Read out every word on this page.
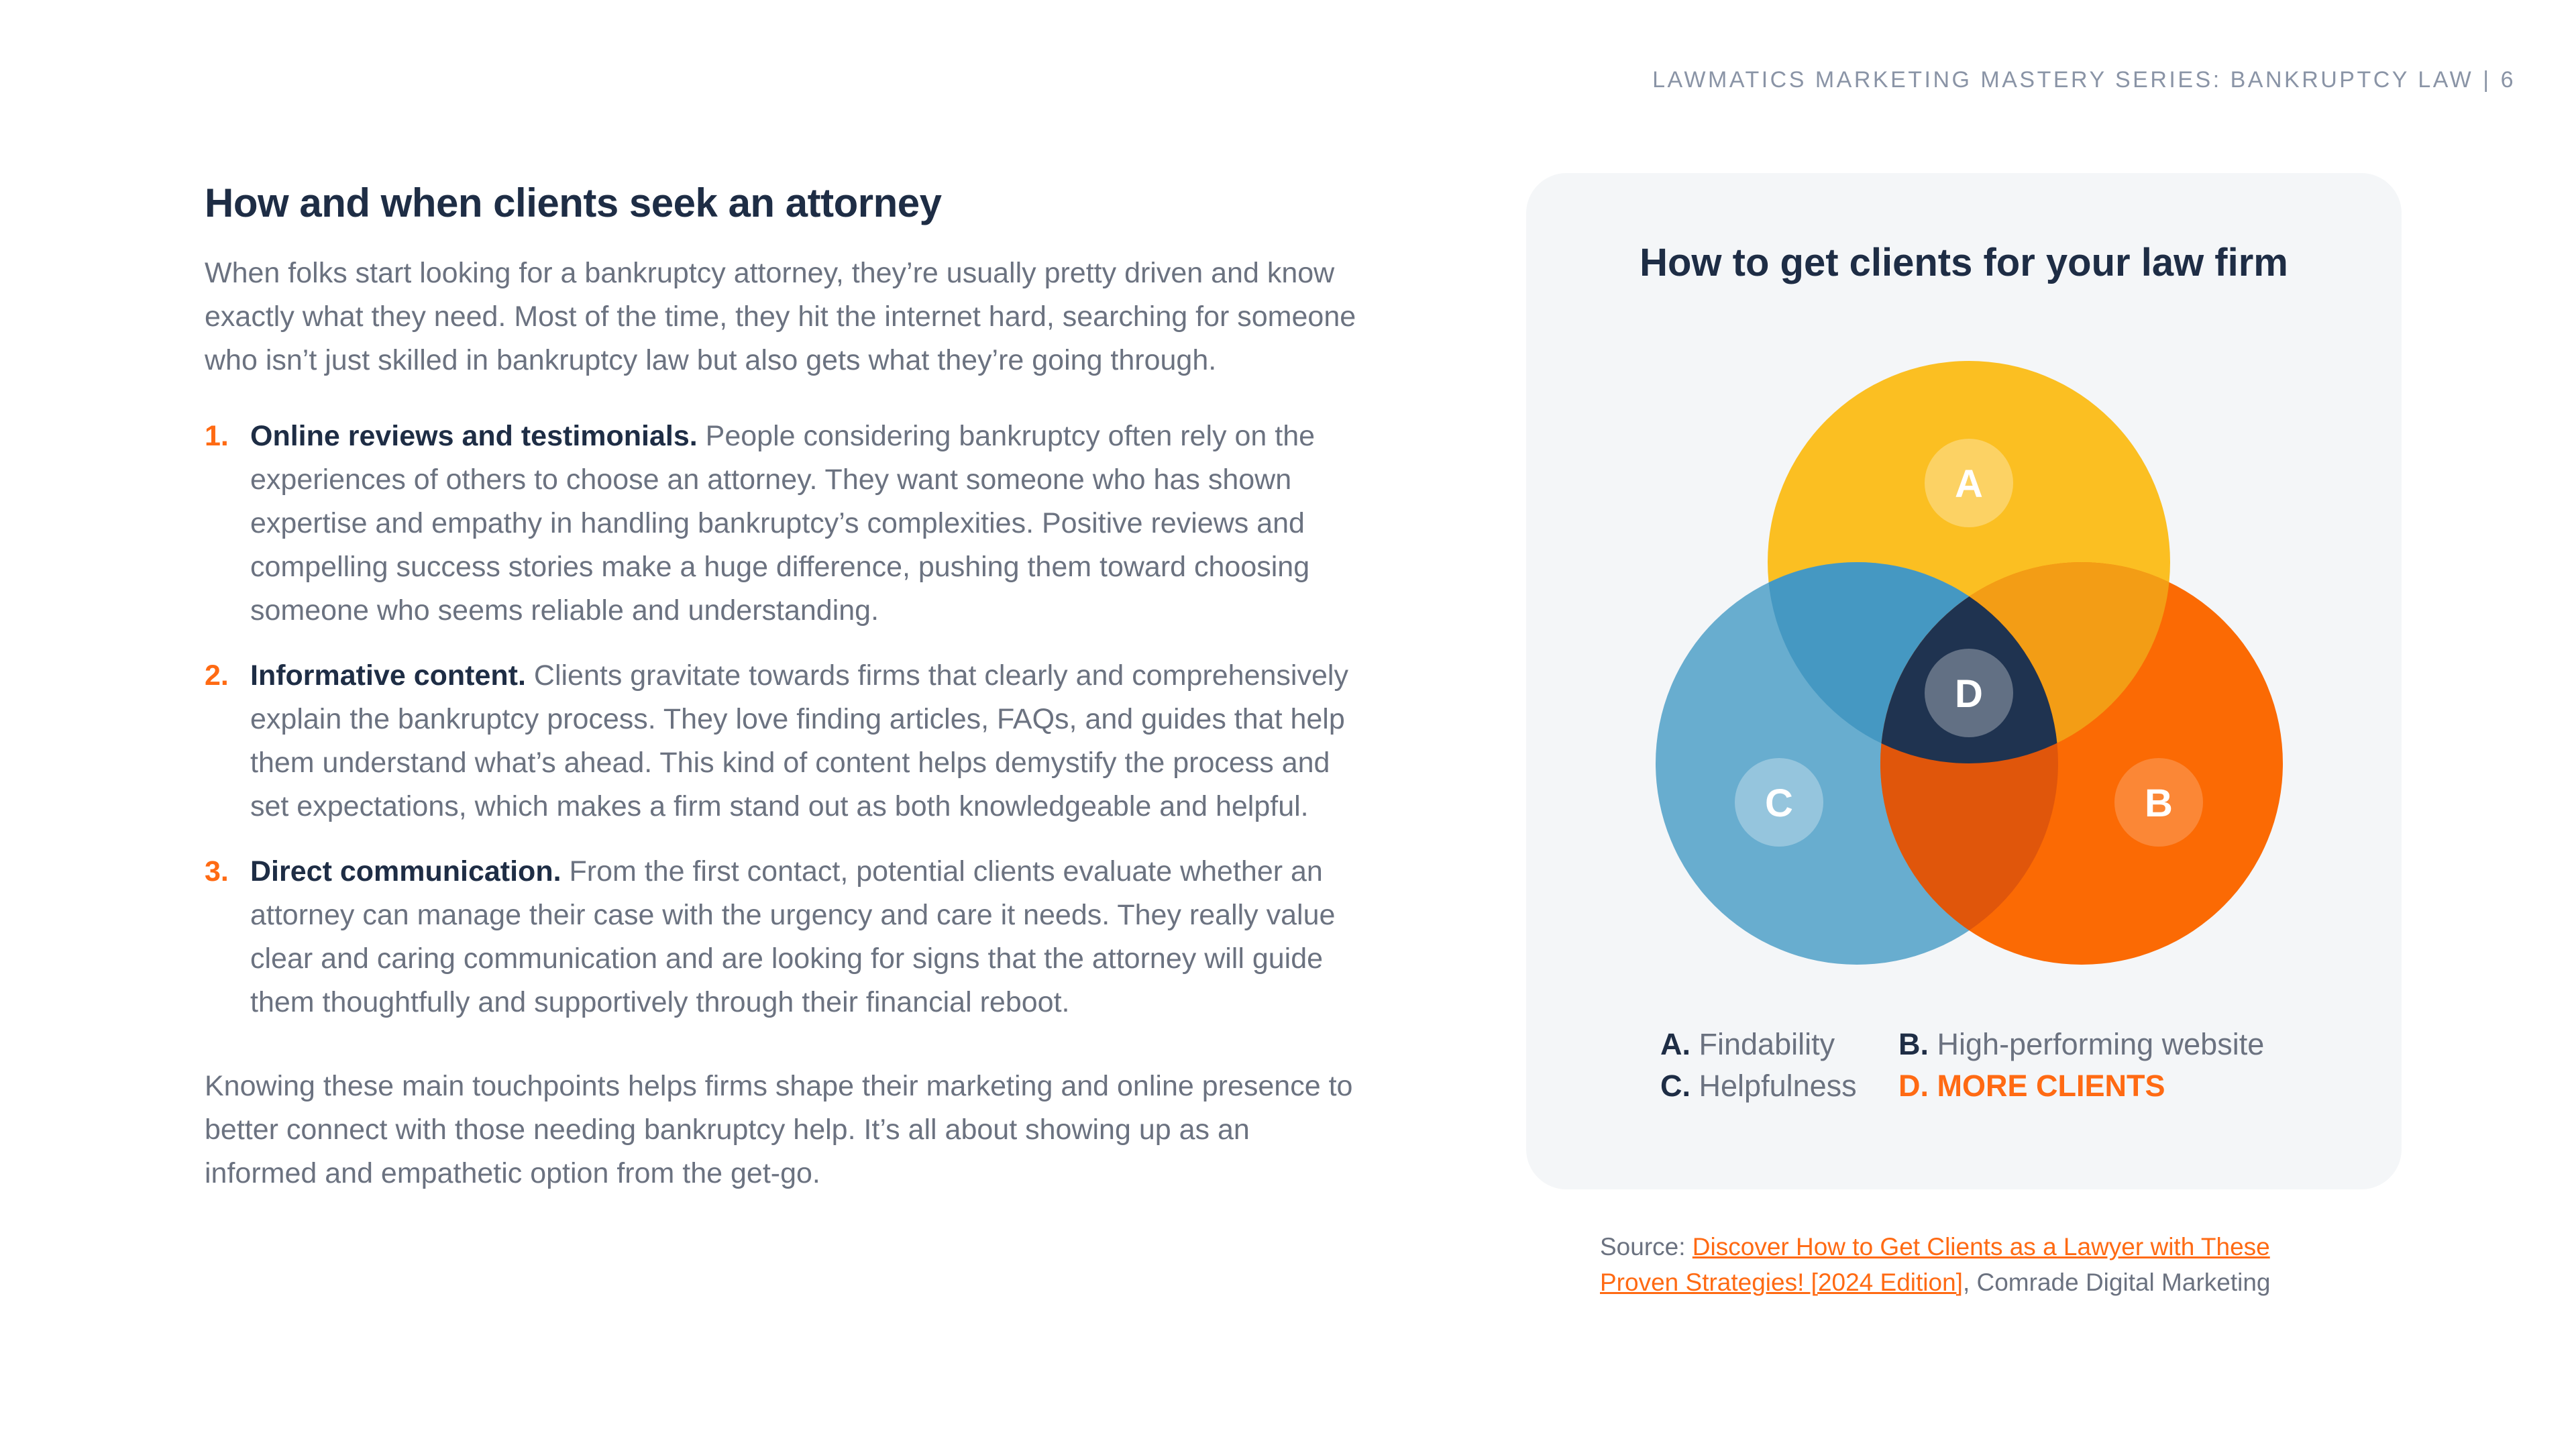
LAWMATICS MARKETING MASTERY SERIES: BANKRUPTCY LAW | 6
How and when clients seek an attorney

When folks start looking for a bankruptcy attorney, they’re usually pretty driven and know exactly what they need. Most of the time, they hit the internet hard, searching for someone who isn’t just skilled in bankruptcy law but also gets what they’re going through.

1. Online reviews and testimonials. People considering bankruptcy often rely on the experiences of others to choose an attorney. They want someone who has shown expertise and empathy in handling bankruptcy’s complexities. Positive reviews and compelling success stories make a huge difference, pushing them toward choosing someone who seems reliable and understanding.
2. Informative content. Clients gravitate towards firms that clearly and comprehensively explain the bankruptcy process. They love finding articles, FAQs, and guides that help them understand what’s ahead. This kind of content helps demystify the process and set expectations, which makes a firm stand out as both knowledgeable and helpful.
3. Direct communication. From the first contact, potential clients evaluate whether an attorney can manage their case with the urgency and care it needs. They really value clear and caring communication and are looking for signs that the attorney will guide them thoughtfully and supportively through their financial reboot.

Knowing these main touchpoints helps firms shape their marketing and online presence to better connect with those needing bankruptcy help. It’s all about showing up as an informed and empathetic option from the get-go.

How to get clients for your law firm
A
B
C
D
A. Findability
C. Helpfulness
B. High-performing website
D. MORE CLIENTS
Source: Discover How to Get Clients as a Lawyer with These Proven Strategies! [2024 Edition], Comrade Digital Marketing
